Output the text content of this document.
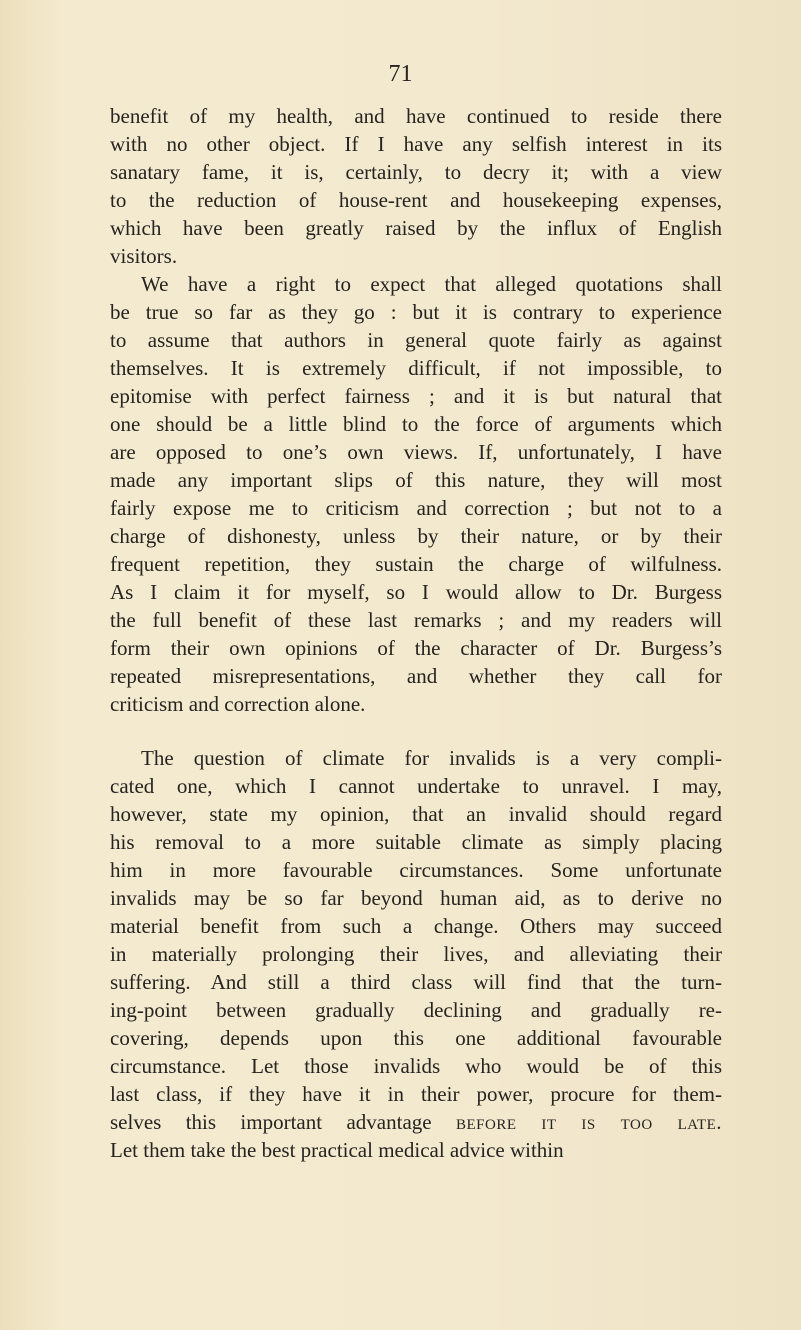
71
benefit of my health, and have continued to reside there
with no other object. If I have any selfish interest in its
sanatary fame, it is, certainly, to decry it; with a view
to the reduction of house-rent and housekeeping expenses,
which have been greatly raised by the influx of English
visitors.
We have a right to expect that alleged quotations shall
be true so far as they go : but it is contrary to experience
to assume that authors in general quote fairly as against
themselves. It is extremely difficult, if not impossible, to
epitomise with perfect fairness ; and it is but natural that
one should be a little blind to the force of arguments which
are opposed to one’s own views. If, unfortunately, I have
made any important slips of this nature, they will most
fairly expose me to criticism and correction ; but not to a
charge of dishonesty, unless by their nature, or by their
frequent repetition, they sustain the charge of wilfulness.
As I claim it for myself, so I would allow to Dr. Burgess
the full benefit of these last remarks ; and my readers will
form their own opinions of the character of Dr. Burgess’s
repeated misrepresentations, and whether they call for
criticism and correction alone.
The question of climate for invalids is a very compli-
cated one, which I cannot undertake to unravel. I may,
however, state my opinion, that an invalid should regard
his removal to a more suitable climate as simply placing
him in more favourable circumstances. Some unfortunate
invalids may be so far beyond human aid, as to derive no
material benefit from such a change. Others may succeed
in materially prolonging their lives, and alleviating their
suffering. And still a third class will find that the turn-
ing-point between gradually declining and gradually re-
covering, depends upon this one additional favourable
circumstance. Let those invalids who would be of this
last class, if they have it in their power, procure for them-
selves this important advantage before it is too late.
Let them take the best practical medical advice within
